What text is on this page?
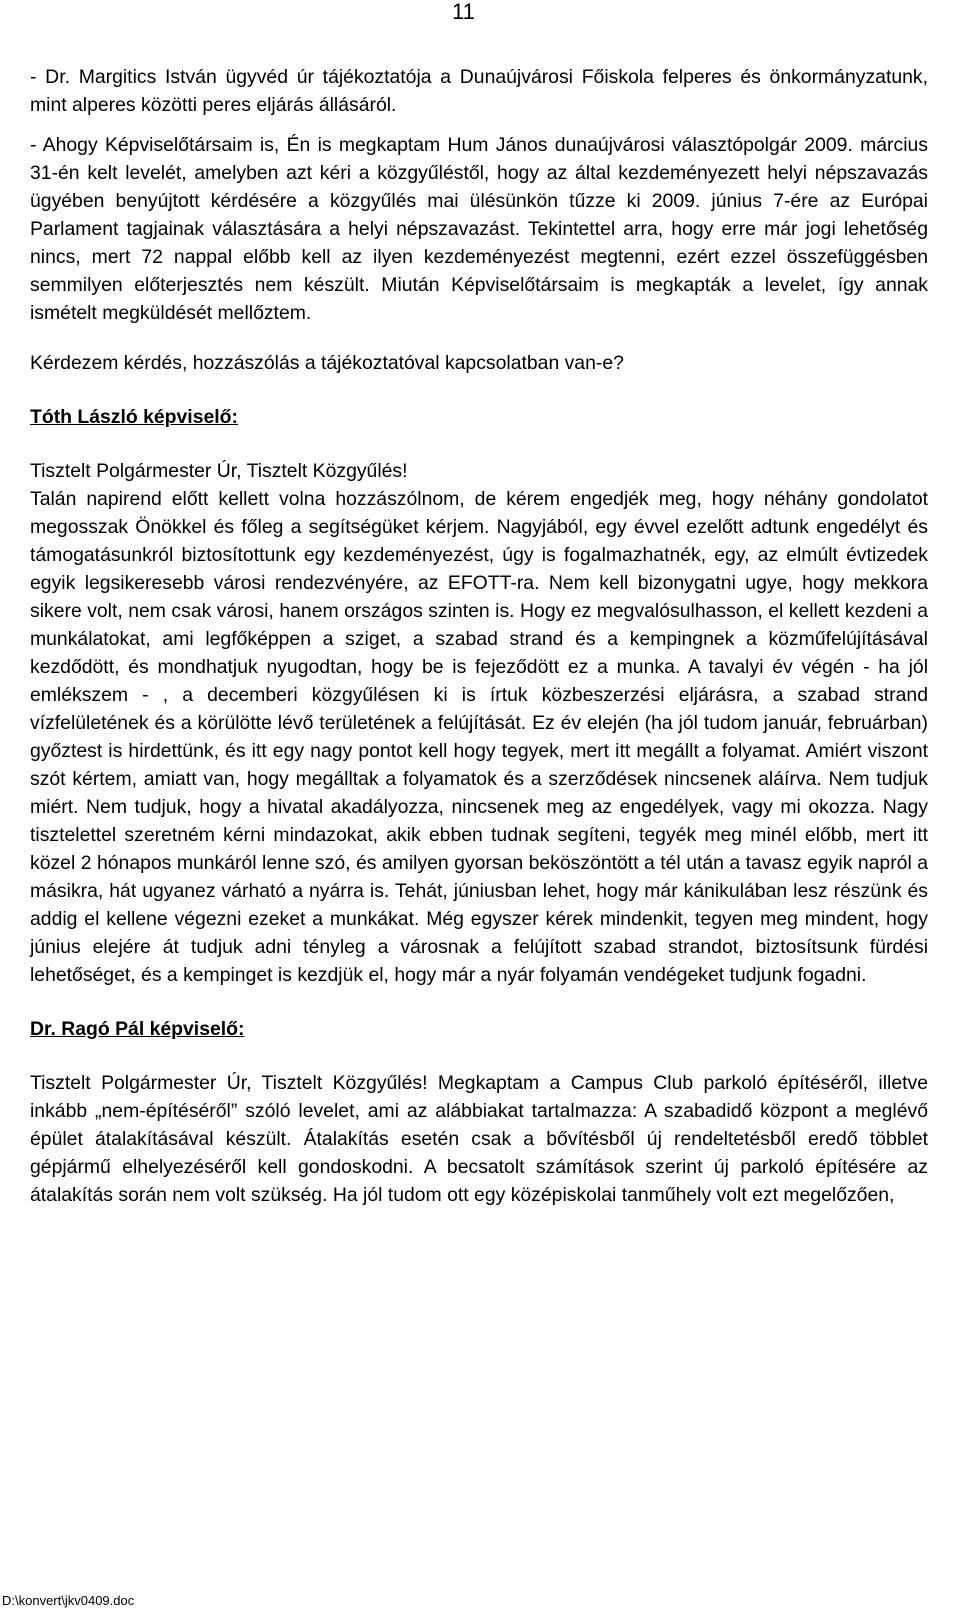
11

- Dr. Margitics István ügyvéd úr tájékoztatója a Dunaújvárosi Főiskola felperes és önkormányzatunk, mint alperes közötti peres eljárás állásáról.

- Ahogy Képviselőtársaim is, Én is megkaptam Hum János dunaújvárosi választópolgár 2009. március 31-én kelt levelét, amelyben azt kéri a közgyűléstől, hogy az által kezdeményezett helyi népszavazás ügyében benyújtott kérdésére a közgyűlés mai ülésünkön tűzze ki 2009. június 7-ére az Európai Parlament tagjainak választására a helyi népszavazást. Tekintettel arra, hogy erre már jogi lehetőség nincs, mert 72 nappal előbb kell az ilyen kezdeményezést megtenni, ezért ezzel összefüggésben semmilyen előterjesztés nem készült. Miután Képviselőtársaim is megkapták a levelet, így annak ismételt megküldését mellőztem.

Kérdezem kérdés, hozzászólás a tájékoztatóval kapcsolatban van-e?

Tóth László képviselő:

Tisztelt Polgármester Úr, Tisztelt Közgyűlés!

Talán napirend előtt kellett volna hozzászólnom, de kérem engedjék meg, hogy néhány gondolatot megosszak Önökkel és főleg a segítségüket kérjem. Nagyjából, egy évvel ezelőtt adtunk engedélyt és támogatásunkról biztosítottunk egy kezdeményezést, úgy is fogalmazhatnék, egy, az elmúlt évtizedek egyik legsikeresebb városi rendezvényére, az EFOTT-ra. Nem kell bizonygatni ugye, hogy mekkora sikere volt, nem csak városi, hanem országos szinten is. Hogy ez megvalósulhasson, el kellett kezdeni a munkálatokat, ami legfőképpen a sziget, a szabad strand és a kempingnek a közműfelújításával kezdődött, és mondhatjuk nyugodtan, hogy be is fejeződött ez a munka. A tavalyi év végén - ha jól emlékszem - , a decemberi közgyűlésen ki is írtuk közbeszerzési eljárásra, a szabad strand vízfelületének és a körülötte lévő területének a felújítását. Ez év elején (ha jól tudom január, februárban) győztest is hirdettünk, és itt egy nagy pontot kell hogy tegyek, mert itt megállt a folyamat. Amiért viszont szót kértem, amiatt van, hogy megálltak a folyamatok és a szerződések nincsenek aláírva. Nem tudjuk miért. Nem tudjuk, hogy a hivatal akadályozza, nincsenek meg az engedélyek, vagy mi okozza. Nagy tisztelettel szeretném kérni mindazokat, akik ebben tudnak segíteni, tegyék meg minél előbb, mert itt közel 2 hónapos munkáról lenne szó, és amilyen gyorsan beköszöntött a tél után a tavasz egyik napról a másikra, hát ugyanez várható a nyárra is. Tehát, júniusban lehet, hogy már kánikulában lesz részünk és addig el kellene végezni ezeket a munkákat. Még egyszer kérek mindenkit, tegyen meg mindent, hogy június elejére át tudjuk adni tényleg a városnak a felújított szabad strandot, biztosítsunk fürdési lehetőséget, és a kempinget is kezdjük el, hogy már a nyár folyamán vendégeket tudjunk fogadni.

Dr. Ragó Pál képviselő:

Tisztelt Polgármester Úr, Tisztelt Közgyűlés! Megkaptam a Campus Club parkoló építéséről, illetve inkább „nem-építéséről” szóló levelet, ami az alábbiakat tartalmazza: A szabadidő központ a meglévő épület átalakításával készült. Átalakítás esetén csak a bővítésből új rendeltetésből eredő többlet gépjármű elhelyezéséről kell gondoskodni. A becsatolt számítások szerint új parkoló építésére az átalakítás során nem volt szükség. Ha jól tudom ott egy középiskolai tanműhely volt ezt megelőzően,

D:\konvert\jkv0409.doc
